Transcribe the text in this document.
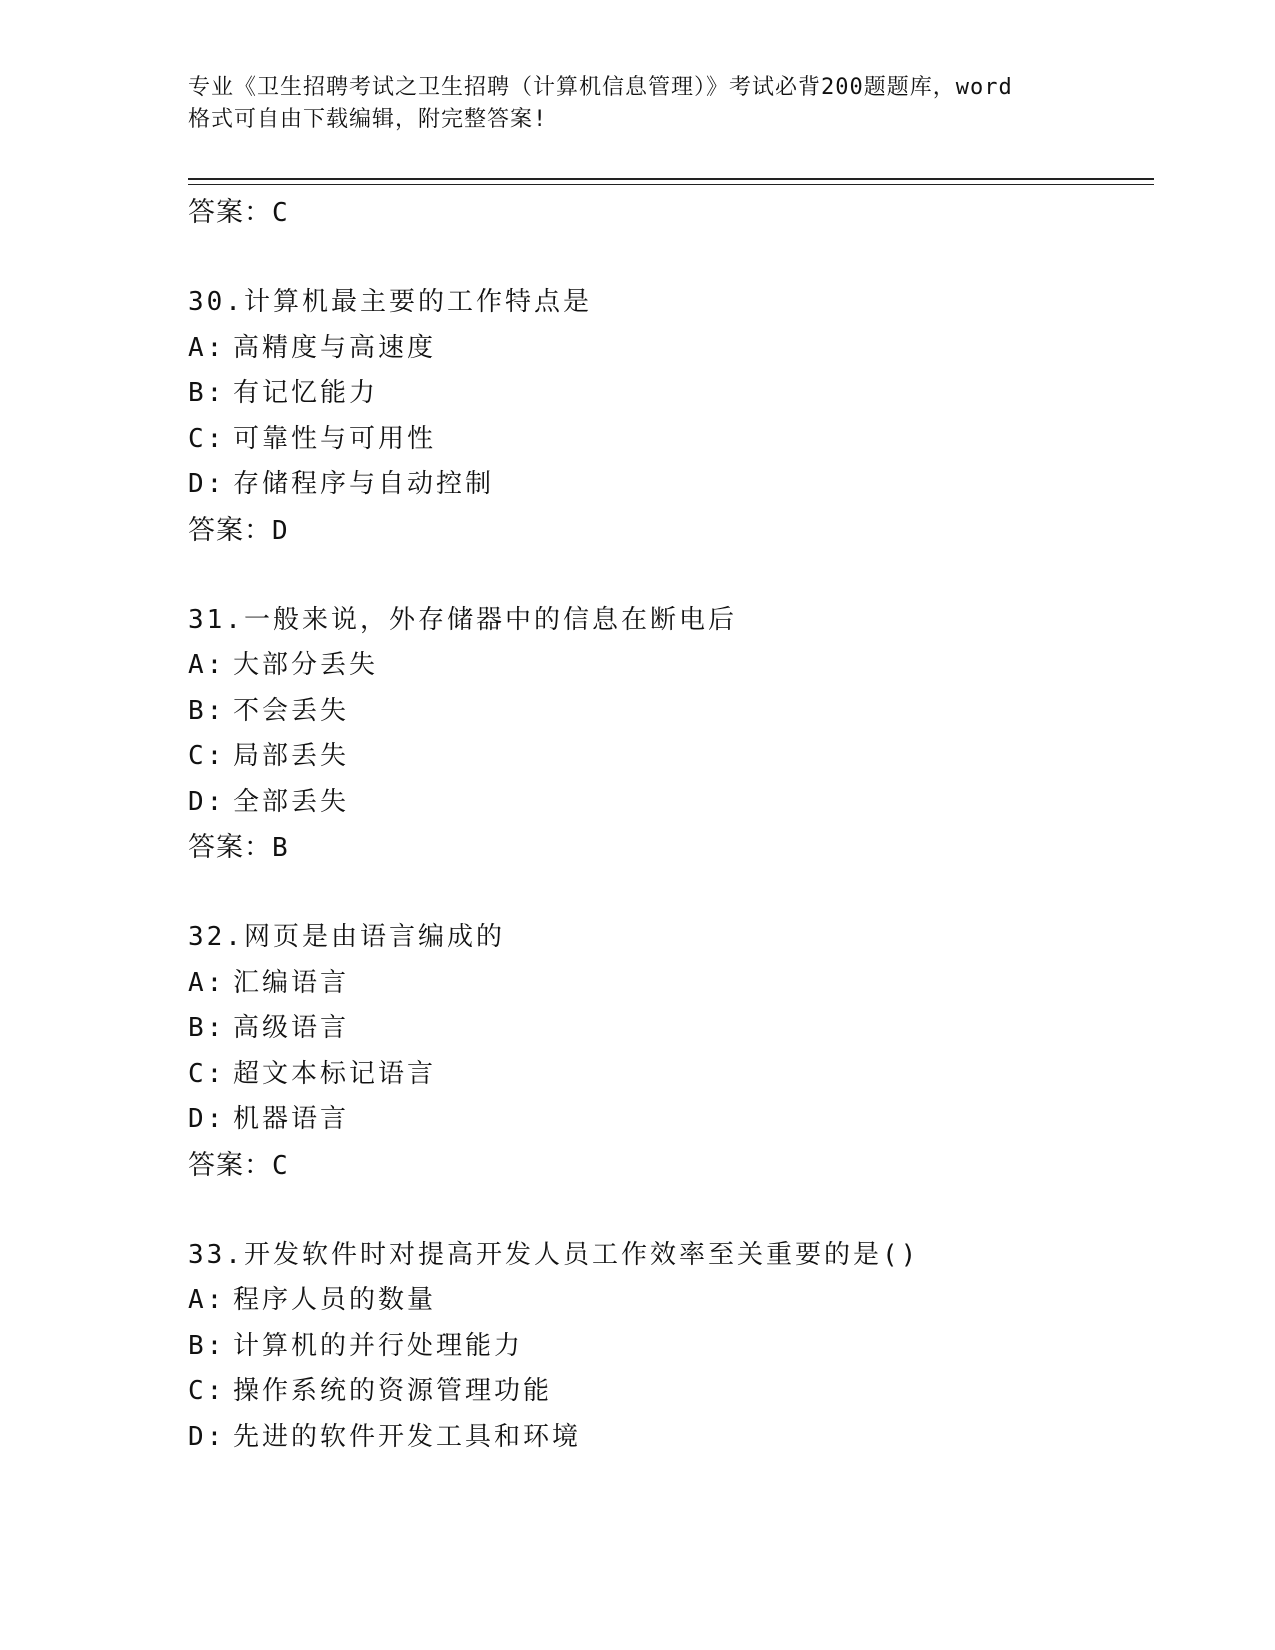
专业《卫生招聘考试之卫生招聘（计算机信息管理）》考试必背200题题库，word
格式可自由下载编辑，附完整答案!
答案：C
30.计算机最主要的工作特点是
A: 高精度与高速度
B: 有记忆能力
C: 可靠性与可用性
D: 存储程序与自动控制
答案：D
31.一般来说，外存储器中的信息在断电后
A: 大部分丢失
B: 不会丢失
C: 局部丢失
D: 全部丢失
答案：B
32.网页是由语言编成的
A: 汇编语言
B: 高级语言
C: 超文本标记语言
D: 机器语言
答案：C
33.开发软件时对提高开发人员工作效率至关重要的是()
A: 程序人员的数量
B: 计算机的并行处理能力
C: 操作系统的资源管理功能
D: 先进的软件开发工具和环境
